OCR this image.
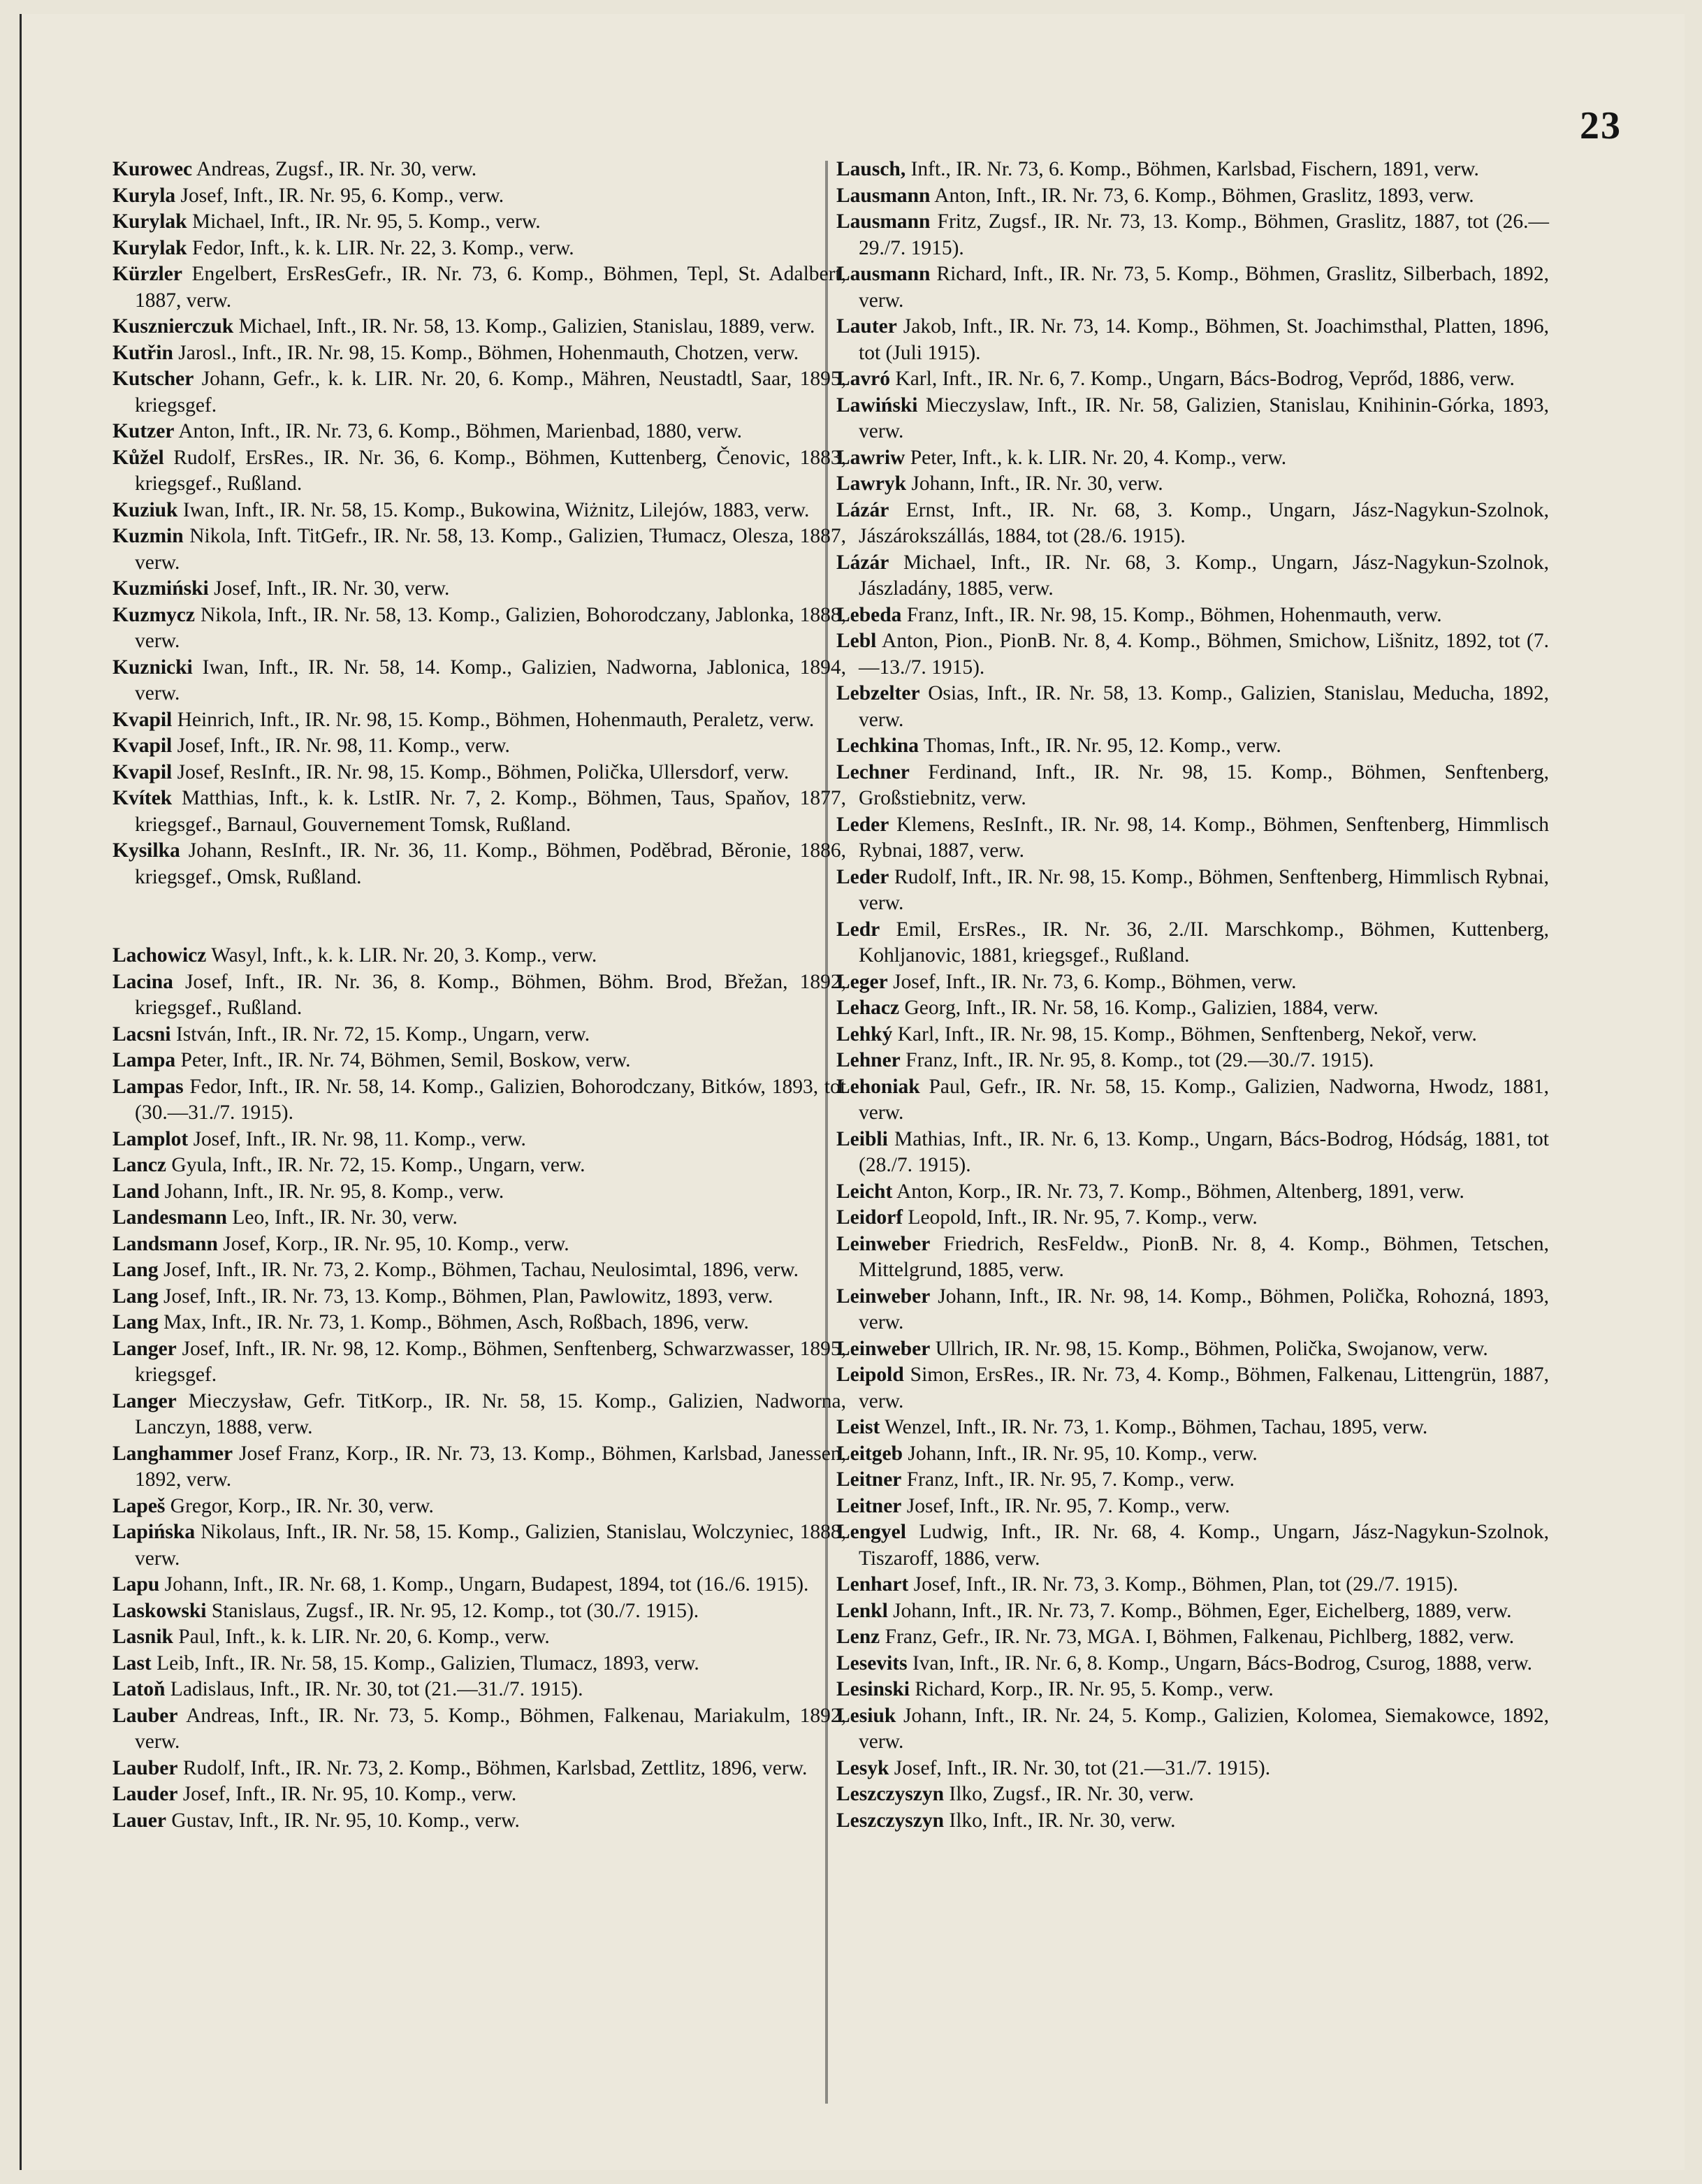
23

Kurowec Andreas, Zugsf., IR. Nr. 30, verw.

Kuryla Josef, Inft., IR. Nr. 95, 6. Komp., verw.

Kurylak Michael, Inft., IR. Nr. 95, 5. Komp., verw.

Kurylak Fedor, Inft., k. k. LIR. Nr. 22, 3. Komp., verw.

Kürzler Engelbert, ErsResGefr., IR. Nr. 73, 6. Komp., Böhmen, Tepl, St. Adalbert, 1887, verw.

Kusznierczuk Michael, Inft., IR. Nr. 58, 13. Komp., Galizien, Stanislau, 1889, verw.

Kutřin Jarosl., Inft., IR. Nr. 98, 15. Komp., Böhmen, Hohenmauth, Chotzen, verw.

Kutscher Johann, Gefr., k. k. LIR. Nr. 20, 6. Komp., Mähren, Neustadtl, Saar, 1895, kriegsgef.

Kutzer Anton, Inft., IR. Nr. 73, 6. Komp., Böhmen, Marienbad, 1880, verw.

Kůžel Rudolf, ErsRes., IR. Nr. 36, 6. Komp., Böhmen, Kuttenberg, Čenovic, 1883, kriegsgef., Rußland.

Kuziuk Iwan, Inft., IR. Nr. 58, 15. Komp., Bukowina, Wiżnitz, Lilejów, 1883, verw.

Kuzmin Nikola, Inft. TitGefr., IR. Nr. 58, 13. Komp., Galizien, Tłumacz, Olesza, 1887, verw.

Kuzmiński Josef, Inft., IR. Nr. 30, verw.

Kuzmycz Nikola, Inft., IR. Nr. 58, 13. Komp., Galizien, Bohorodczany, Jablonka, 1888, verw.

Kuznicki Iwan, Inft., IR. Nr. 58, 14. Komp., Galizien, Nadworna, Jablonica, 1894, verw.

Kvapil Heinrich, Inft., IR. Nr. 98, 15. Komp., Böhmen, Hohenmauth, Peraletz, verw.

Kvapil Josef, Inft., IR. Nr. 98, 11. Komp., verw.

Kvapil Josef, ResInft., IR. Nr. 98, 15. Komp., Böhmen, Polička, Ullersdorf, verw.

Kvítek Matthias, Inft., k. k. LstIR. Nr. 7, 2. Komp., Böhmen, Taus, Spaňov, 1877, kriegsgef., Barnaul, Gouvernement Tomsk, Rußland.

Kysilka Johann, ResInft., IR. Nr. 36, 11. Komp., Böhmen, Poděbrad, Běronie, 1886, kriegsgef., Omsk, Rußland.

Lachowicz Wasyl, Inft., k. k. LIR. Nr. 20, 3. Komp., verw.

Lacina Josef, Inft., IR. Nr. 36, 8. Komp., Böhmen, Böhm. Brod, Břežan, 1892, kriegsgef., Rußland.

Lacsni István, Inft., IR. Nr. 72, 15. Komp., Ungarn, verw.

Lampa Peter, Inft., IR. Nr. 74, Böhmen, Semil, Boskow, verw.

Lampas Fedor, Inft., IR. Nr. 58, 14. Komp., Galizien, Bohorodczany, Bitków, 1893, tot (30.—31./7. 1915).

Lamplot Josef, Inft., IR. Nr. 98, 11. Komp., verw.

Lancz Gyula, Inft., IR. Nr. 72, 15. Komp., Ungarn, verw.

Land Johann, Inft., IR. Nr. 95, 8. Komp., verw.

Landesmann Leo, Inft., IR. Nr. 30, verw.

Landsmann Josef, Korp., IR. Nr. 95, 10. Komp., verw.

Lang Josef, Inft., IR. Nr. 73, 2. Komp., Böhmen, Tachau, Neulosimtal, 1896, verw.

Lang Josef, Inft., IR. Nr. 73, 13. Komp., Böhmen, Plan, Pawlowitz, 1893, verw.

Lang Max, Inft., IR. Nr. 73, 1. Komp., Böhmen, Asch, Roßbach, 1896, verw.

Langer Josef, Inft., IR. Nr. 98, 12. Komp., Böhmen, Senftenberg, Schwarzwasser, 1895, kriegsgef.

Langer Mieczysław, Gefr. TitKorp., IR. Nr. 58, 15. Komp., Galizien, Nadworna, Lanczyn, 1888, verw.

Langhammer Josef Franz, Korp., IR. Nr. 73, 13. Komp., Böhmen, Karlsbad, Janessen, 1892, verw.

Lapeš Gregor, Korp., IR. Nr. 30, verw.

Lapińska Nikolaus, Inft., IR. Nr. 58, 15. Komp., Galizien, Stanislau, Wolczyniec, 1888, verw.

Lapu Johann, Inft., IR. Nr. 68, 1. Komp., Ungarn, Budapest, 1894, tot (16./6. 1915).

Laskowski Stanislaus, Zugsf., IR. Nr. 95, 12. Komp., tot (30./7. 1915).

Lasnik Paul, Inft., k. k. LIR. Nr. 20, 6. Komp., verw.

Last Leib, Inft., IR. Nr. 58, 15. Komp., Galizien, Tlumacz, 1893, verw.

Latoň Ladislaus, Inft., IR. Nr. 30, tot (21.—31./7. 1915).

Lauber Andreas, Inft., IR. Nr. 73, 5. Komp., Böhmen, Falkenau, Mariakulm, 1892, verw.

Lauber Rudolf, Inft., IR. Nr. 73, 2. Komp., Böhmen, Karlsbad, Zettlitz, 1896, verw.

Lauder Josef, Inft., IR. Nr. 95, 10. Komp., verw.

Lauer Gustav, Inft., IR. Nr. 95, 10. Komp., verw.

Lausch, Inft., IR. Nr. 73, 6. Komp., Böhmen, Karlsbad, Fischern, 1891, verw.

Lausmann Anton, Inft., IR. Nr. 73, 6. Komp., Böhmen, Graslitz, 1893, verw.

Lausmann Fritz, Zugsf., IR. Nr. 73, 13. Komp., Böhmen, Graslitz, 1887, tot (26.—29./7. 1915).

Lausmann Richard, Inft., IR. Nr. 73, 5. Komp., Böhmen, Graslitz, Silberbach, 1892, verw.

Lauter Jakob, Inft., IR. Nr. 73, 14. Komp., Böhmen, St. Joachimsthal, Platten, 1896, tot (Juli 1915).

Lavró Karl, Inft., IR. Nr. 6, 7. Komp., Ungarn, Bács-Bodrog, Veprőd, 1886, verw.

Lawiński Mieczyslaw, Inft., IR. Nr. 58, Galizien, Stanislau, Knihinin-Górka, 1893, verw.

Lawriw Peter, Inft., k. k. LIR. Nr. 20, 4. Komp., verw.

Lawryk Johann, Inft., IR. Nr. 30, verw.

Lázár Ernst, Inft., IR. Nr. 68, 3. Komp., Ungarn, Jász-Nagykun-Szolnok, Jászárokszállás, 1884, tot (28./6. 1915).

Lázár Michael, Inft., IR. Nr. 68, 3. Komp., Ungarn, Jász-Nagykun-Szolnok, Jászladány, 1885, verw.

Lebeda Franz, Inft., IR. Nr. 98, 15. Komp., Böhmen, Hohenmauth, verw.

Lebl Anton, Pion., PionB. Nr. 8, 4. Komp., Böhmen, Smichow, Lišnitz, 1892, tot (7.—13./7. 1915).

Lebzelter Osias, Inft., IR. Nr. 58, 13. Komp., Galizien, Stanislau, Meducha, 1892, verw.

Lechkina Thomas, Inft., IR. Nr. 95, 12. Komp., verw.

Lechner Ferdinand, Inft., IR. Nr. 98, 15. Komp., Böhmen, Senftenberg, Großstiebnitz, verw.

Leder Klemens, ResInft., IR. Nr. 98, 14. Komp., Böhmen, Senftenberg, Himmlisch Rybnai, 1887, verw.

Leder Rudolf, Inft., IR. Nr. 98, 15. Komp., Böhmen, Senftenberg, Himmlisch Rybnai, verw.

Ledr Emil, ErsRes., IR. Nr. 36, 2./II. Marschkomp., Böhmen, Kuttenberg, Kohljanovic, 1881, kriegsgef., Rußland.

Leger Josef, Inft., IR. Nr. 73, 6. Komp., Böhmen, verw.

Lehacz Georg, Inft., IR. Nr. 58, 16. Komp., Galizien, 1884, verw.

Lehký Karl, Inft., IR. Nr. 98, 15. Komp., Böhmen, Senftenberg, Nekoř, verw.

Lehner Franz, Inft., IR. Nr. 95, 8. Komp., tot (29.—30./7. 1915).

Lehoniak Paul, Gefr., IR. Nr. 58, 15. Komp., Galizien, Nadworna, Hwodz, 1881, verw.

Leibli Mathias, Inft., IR. Nr. 6, 13. Komp., Ungarn, Bács-Bodrog, Hódság, 1881, tot (28./7. 1915).

Leicht Anton, Korp., IR. Nr. 73, 7. Komp., Böhmen, Altenberg, 1891, verw.

Leidorf Leopold, Inft., IR. Nr. 95, 7. Komp., verw.

Leinweber Friedrich, ResFeldw., PionB. Nr. 8, 4. Komp., Böhmen, Tetschen, Mittelgrund, 1885, verw.

Leinweber Johann, Inft., IR. Nr. 98, 14. Komp., Böhmen, Polička, Rohozná, 1893, verw.

Leinweber Ullrich, IR. Nr. 98, 15. Komp., Böhmen, Polička, Swojanow, verw.

Leipold Simon, ErsRes., IR. Nr. 73, 4. Komp., Böhmen, Falkenau, Littengrün, 1887, verw.

Leist Wenzel, Inft., IR. Nr. 73, 1. Komp., Böhmen, Tachau, 1895, verw.

Leitgeb Johann, Inft., IR. Nr. 95, 10. Komp., verw.

Leitner Franz, Inft., IR. Nr. 95, 7. Komp., verw.

Leitner Josef, Inft., IR. Nr. 95, 7. Komp., verw.

Lengyel Ludwig, Inft., IR. Nr. 68, 4. Komp., Ungarn, Jász-Nagykun-Szolnok, Tiszaroff, 1886, verw.

Lenhart Josef, Inft., IR. Nr. 73, 3. Komp., Böhmen, Plan, tot (29./7. 1915).

Lenkl Johann, Inft., IR. Nr. 73, 7. Komp., Böhmen, Eger, Eichelberg, 1889, verw.

Lenz Franz, Gefr., IR. Nr. 73, MGA. I, Böhmen, Falkenau, Pichlberg, 1882, verw.

Lesevits Ivan, Inft., IR. Nr. 6, 8. Komp., Ungarn, Bács-Bodrog, Csurog, 1888, verw.

Lesinski Richard, Korp., IR. Nr. 95, 5. Komp., verw.

Lesiuk Johann, Inft., IR. Nr. 24, 5. Komp., Galizien, Kolomea, Siemakowce, 1892, verw.

Lesyk Josef, Inft., IR. Nr. 30, tot (21.—31./7. 1915).

Leszczyszyn Ilko, Zugsf., IR. Nr. 30, verw.

Leszczyszyn Ilko, Inft., IR. Nr. 30, verw.
